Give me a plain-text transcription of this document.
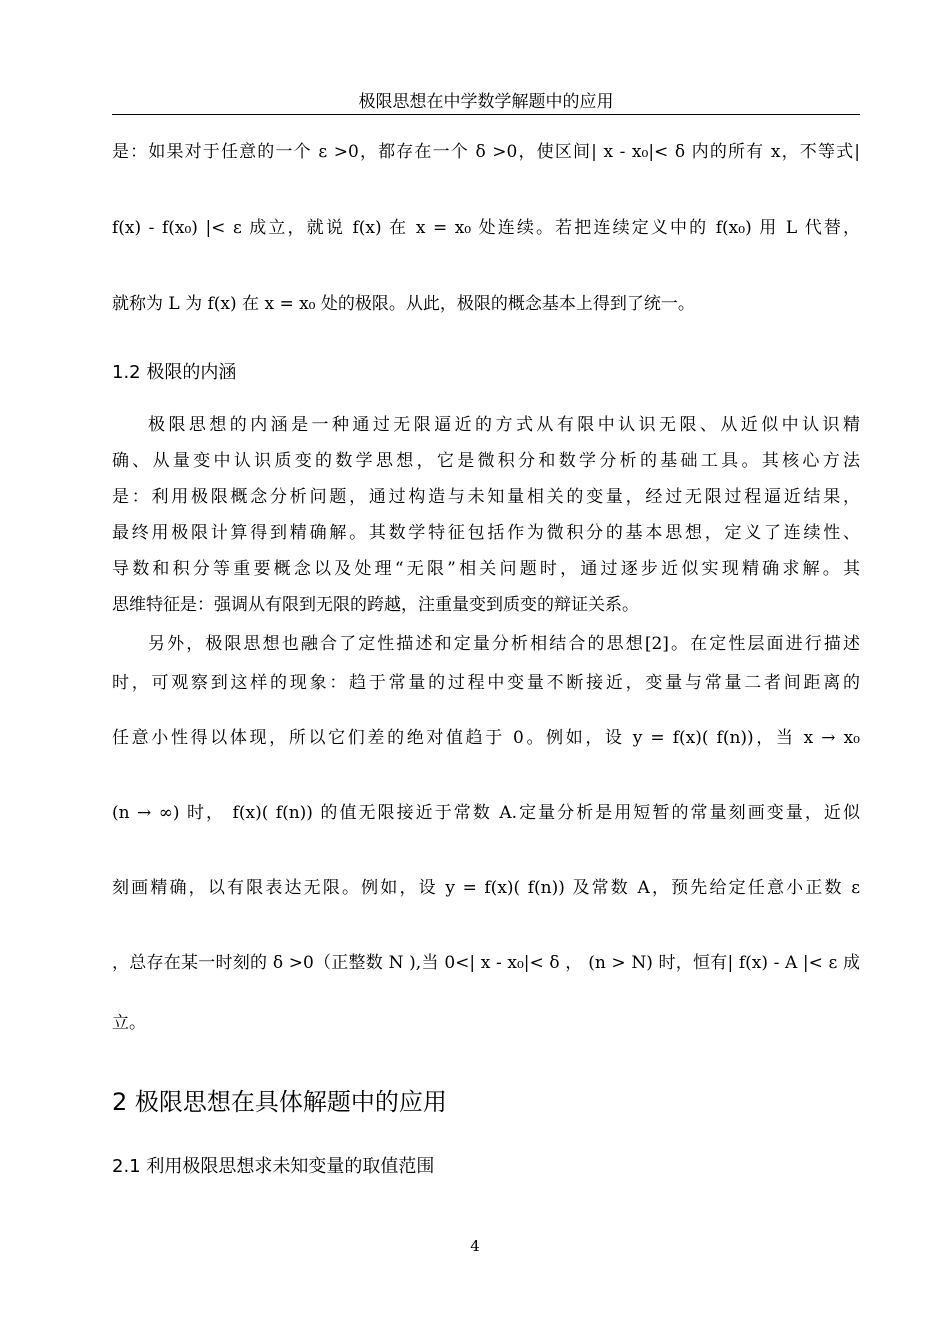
极限思想在中学数学解题中的应用
是：如果对于任意的一个 ε >0，都存在一个 δ >0，使区间| x - x₀|< δ 内的所有 x，不等式|
f(x) - f(x₀) |< ε 成立，就说 f(x) 在 x = x₀ 处连续。若把连续定义中的 f(x₀) 用 L 代替，
就称为 L 为 f(x) 在 x = x₀ 处的极限。从此，极限的概念基本上得到了统一。
1.2 极限的内涵
极限思想的内涵是一种通过无限逼近的方式从有限中认识无限、从近似中认识精
确、从量变中认识质变的数学思想，它是微积分和数学分析的基础工具。其核心方法
是：利用极限概念分析问题，通过构造与未知量相关的变量，经过无限过程逼近结果，
最终用极限计算得到精确解。其数学特征包括作为微积分的基本思想，定义了连续性、
导数和积分等重要概念以及处理“无限”相关问题时，通过逐步近似实现精确求解。其
思维特征是：强调从有限到无限的跨越，注重量变到质变的辩证关系。
另外，极限思想也融合了定性描述和定量分析相结合的思想[2]。在定性层面进行描述
时，可观察到这样的现象：趋于常量的过程中变量不断接近，变量与常量二者间距离的
任意小性得以体现，所以它们差的绝对值趋于 0。例如，设 y = f(x)( f(n))，当 x → x₀
(n → ∞) 时， f(x)( f(n)) 的值无限接近于常数 A.定量分析是用短暂的常量刻画变量，近似
刻画精确，以有限表达无限。例如，设 y = f(x)( f(n)) 及常数 A，预先给定任意小正数 ε
，总存在某一时刻的 δ >0（正整数 N ),当 0<| x - x₀|< δ ， (n > N) 时，恒有| f(x) - A |< ε 成
立。
2 极限思想在具体解题中的应用
2.1 利用极限思想求未知变量的取值范围
4
